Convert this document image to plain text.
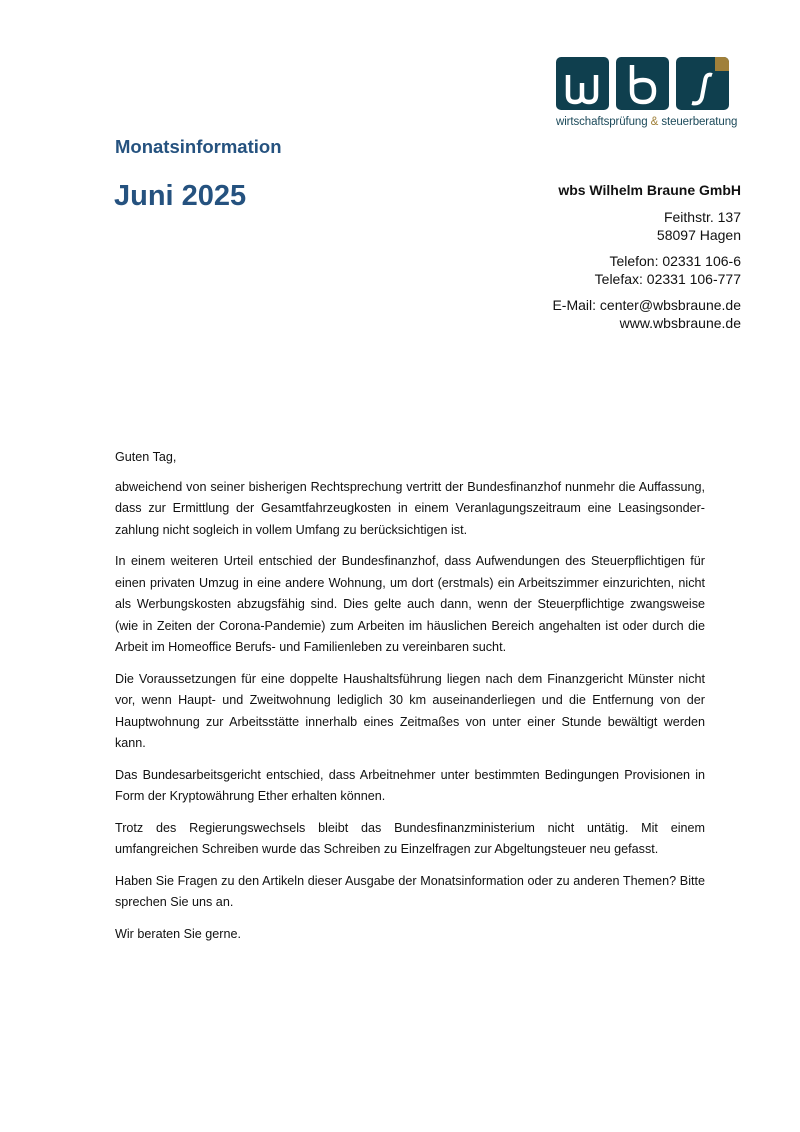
wirtschaftsprüfung & steuerberatung
Monatsinformation
Juni 2025	wbs Wilhelm Braune GmbH
Feithstr. 137
58097 Hagen
Telefon: 02331 106-6
Telefax: 02331 106-777
E-Mail: center@wbsbraune.de
www.wbsbraune.de

Guten Tag,

abweichend von seiner bisherigen Rechtsprechung vertritt der Bundesfinanzhof nunmehr die Auffassung, dass zur Ermittlung der Gesamtfahrzeugkosten in einem Veranlagungszeitraum eine Leasingsonderzahlung nicht sogleich in vollem Umfang zu berücksichtigen ist.

In einem weiteren Urteil entschied der Bundesfinanzhof, dass Aufwendungen des Steuerpflichtigen für einen privaten Umzug in eine andere Wohnung, um dort (erstmals) ein Arbeitszimmer einzurichten, nicht als Werbungskosten abzugsfähig sind. Dies gelte auch dann, wenn der Steuerpflichtige zwangsweise (wie in Zeiten der Corona-Pandemie) zum Arbeiten im häuslichen Bereich angehalten ist oder durch die Arbeit im Homeoffice Berufs- und Familienleben zu vereinbaren sucht.

Die Voraussetzungen für eine doppelte Haushaltsführung liegen nach dem Finanzgericht Münster nicht vor, wenn Haupt- und Zweitwohnung lediglich 30 km auseinanderliegen und die Entfernung von der Hauptwohnung zur Arbeitsstätte innerhalb eines Zeitmaßes von unter einer Stunde bewältigt werden kann.

Das Bundesarbeitsgericht entschied, dass Arbeitnehmer unter bestimmten Bedingungen Provisionen in Form der Kryptowährung Ether erhalten können.

Trotz des Regierungswechsels bleibt das Bundesfinanzministerium nicht untätig. Mit einem umfangreichen Schreiben wurde das Schreiben zu Einzelfragen zur Abgeltungsteuer neu gefasst.

Haben Sie Fragen zu den Artikeln dieser Ausgabe der Monatsinformation oder zu anderen Themen? Bitte sprechen Sie uns an.

Wir beraten Sie gerne.
